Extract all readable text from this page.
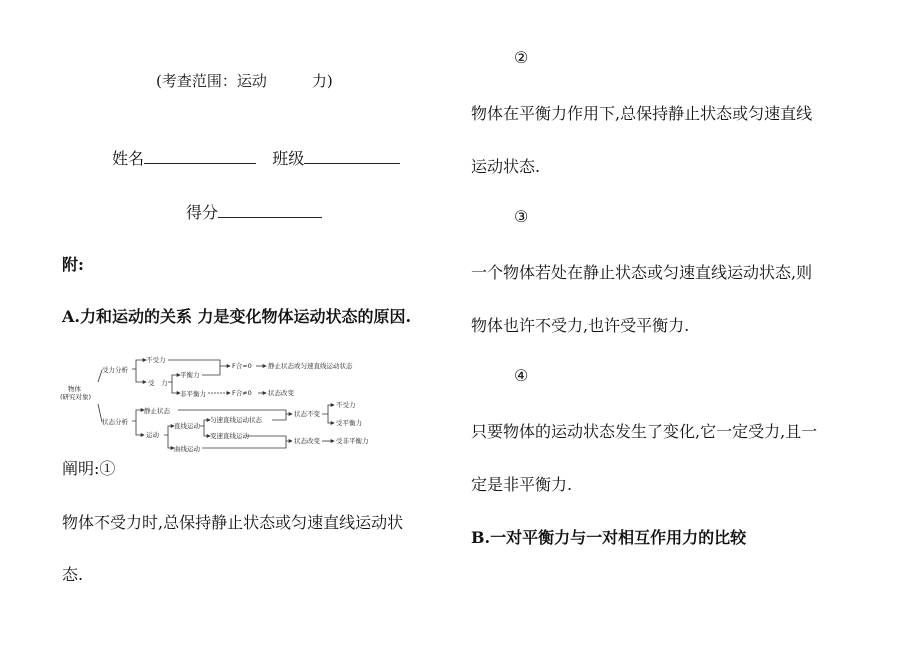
(考查范围：运动　　　力)
姓名	班级
得分
附:
A.力和运动的关系 力是变化物体运动状态的原因.
物体
(研究对象)
受力分析
不受力
受　力
平衡力
非平衡力
F合=0
F合≠0
静止状态或匀速直线运动状态
状态改变
状态分析
静止状态
运动
直线运动
曲线运动
匀速直线运动状态
变速直线运动
状态不变
状态改变
不受力
受平衡力
受非平衡力
阐明:①
物体不受力时,总保持静止状态或匀速直线运动状
态.
②
物体在平衡力作用下,总保持静止状态或匀速直线
运动状态.
③
一个物体若处在静止状态或匀速直线运动状态,则
物体也许不受力,也许受平衡力.
④
只要物体的运动状态发生了变化,它一定受力,且一
定是非平衡力.
B.一对平衡力与一对相互作用力的比较
